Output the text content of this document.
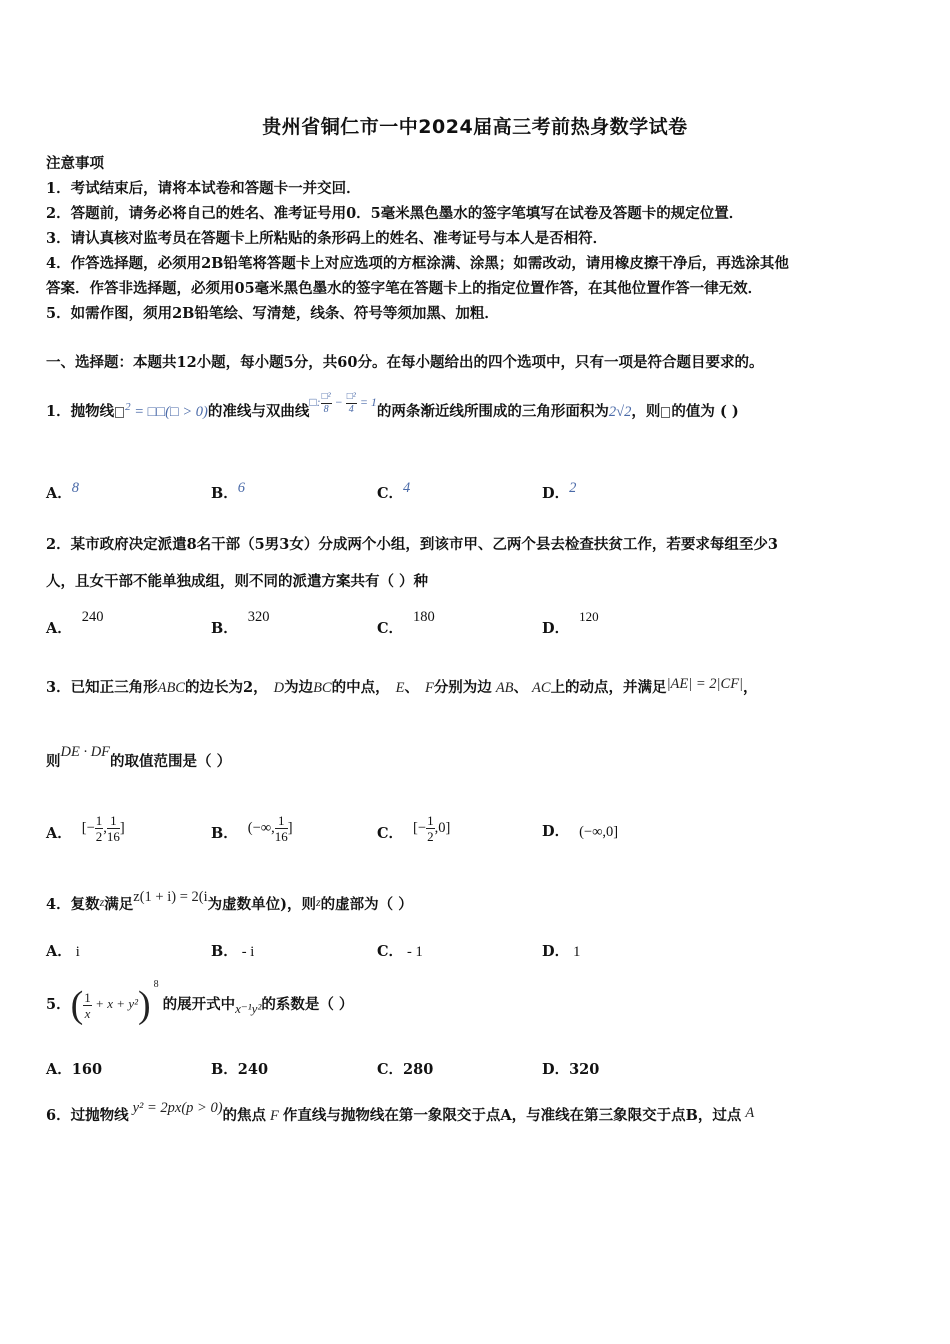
贵州省铜仁市一中2024届高三考前热身数学试卷
注意事项
1．考试结束后，请将本试卷和答题卡一并交回．
2．答题前，请务必将自己的姓名、准考证号用0．5毫米黑色墨水的签字笔填写在试卷及答题卡的规定位置．
3．请认真核对监考员在答题卡上所粘贴的条形码上的姓名、准考证号与本人是否相符．
4．作答选择题，必须用2B铅笔将答题卡上对应选项的方框涂满、涂黑；如需改动，请用橡皮擦干净后，再选涂其他
答案．作答非选择题，必须用05毫米黑色墨水的签字笔在答题卡上的指定位置作答，在其他位置作答一律无效．
5．如需作图，须用2B铅笔绘、写清楚，线条、符号等须加黑、加粗．
一、选择题：本题共12小题，每小题5分，共60分。在每小题给出的四个选项中，只有一项是符合题目要求的。
1．抛物线 $^2$ = □□(□ > 0)的准线与双曲线$^{□: \frac{\text{□²}}{8} - \frac{\text{□²}}{4} = 1}$的两条渐近线所围成的三角形面积为2√2，则 的值为 ( )
A．8	B．6	C．4	D．2
2．某市政府决定派遣8名干部（5男3女）分成两个小组，到该市甲、乙两个县去检查扶贫工作，若要求每组至少3
人，且女干部不能单独成组，则不同的派遣方案共有（ ）种
A．240
B．320
C．180
D．120
3．已知正三角形ABC的边长为2， D为边BC的中点， E、 F分别为边 AB、 AC上的动点，并满足|AE| = 2|CF|，
则DE · DF的取值范围是（ ）
A． [− $\frac{1}{2}$ , $\frac{1}{16}$ ]	B． (−∞, $\frac{1}{16}$ ]	C． [− $\frac{1}{2} ,0$]	D． (−∞,0]
4．复数$^z$满足z(1 + i) = 2(i为虚数单位)，则$^z$的虚部为（ ）
A． i	B． - i	C． - 1	D． 1
5．( $\frac{1}{x} + x + y^2$) 8
的展开式中x⁻¹y²的系数是（ ）
A．160	B．240	C．280	D．320
6．过抛物线 y² = 2px(p > 0)的焦点 F 作直线与抛物线在第一象限交于点A，与准线在第三象限交于点B，过点 A
